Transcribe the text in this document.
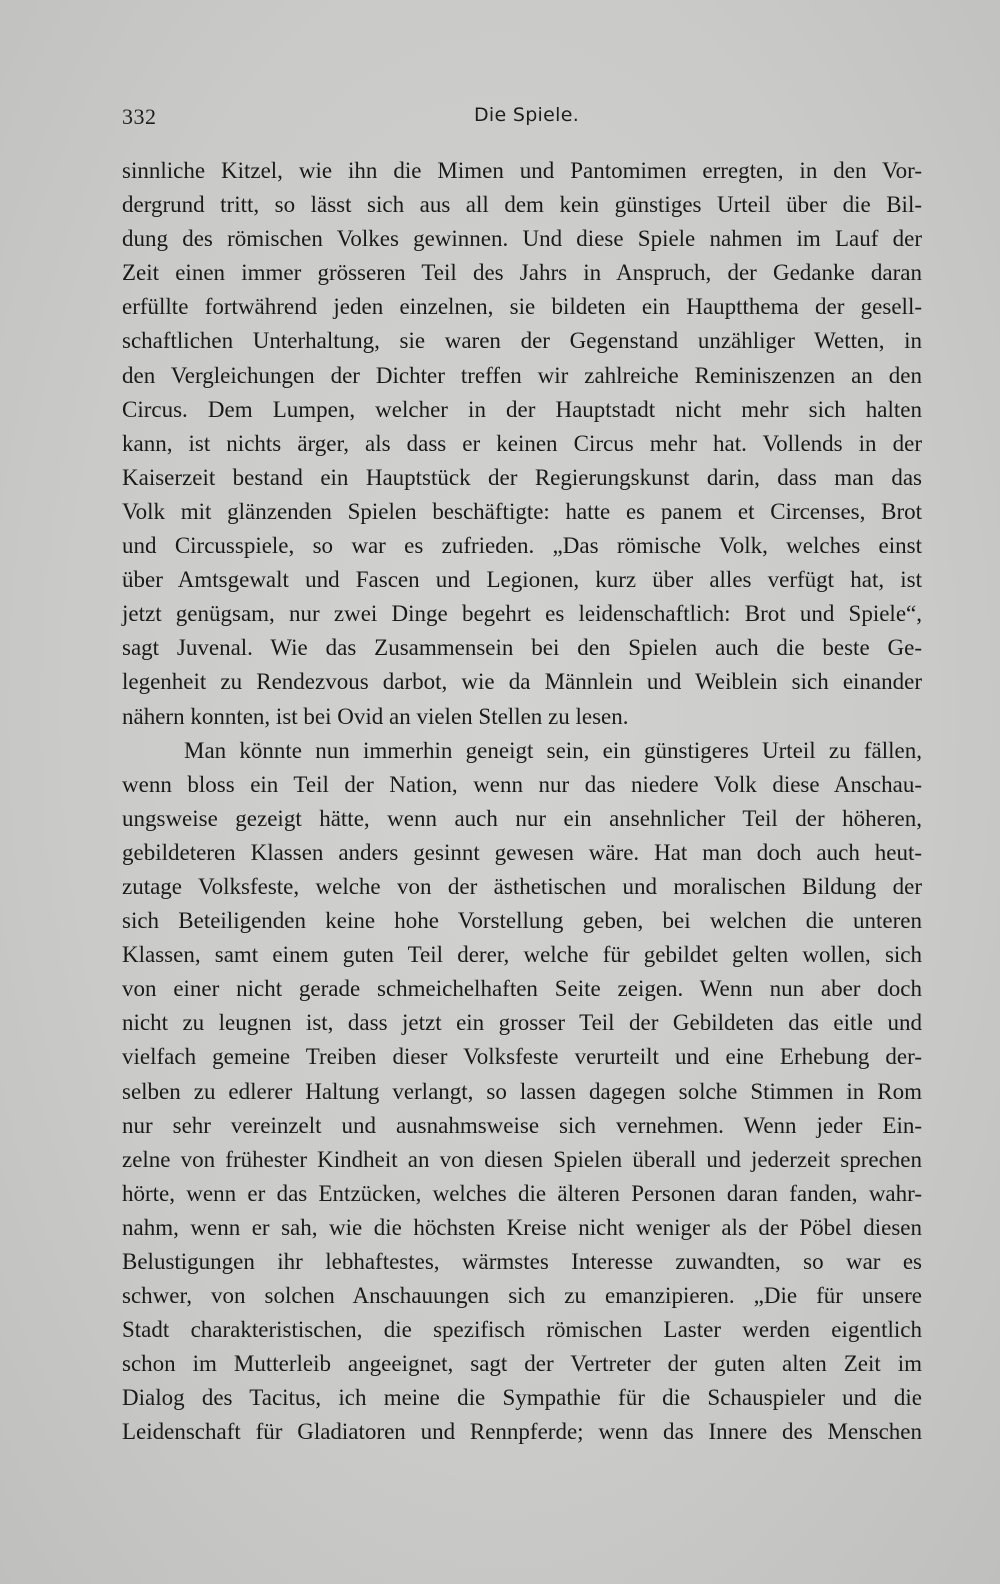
332	Die Spiele.
sinnliche Kitzel, wie ihn die Mimen und Pantomimen erregten, in den Vor-
dergrund tritt, so lässt sich aus all dem kein günstiges Urteil über die Bil-
dung des römischen Volkes gewinnen. Und diese Spiele nahmen im Lauf der
Zeit einen immer grösseren Teil des Jahrs in Anspruch, der Gedanke daran
erfüllte fortwährend jeden einzelnen, sie bildeten ein Hauptthema der gesell-
schaftlichen Unterhaltung, sie waren der Gegenstand unzähliger Wetten, in
den Vergleichungen der Dichter treffen wir zahlreiche Reminiszenzen an den
Circus. Dem Lumpen, welcher in der Hauptstadt nicht mehr sich halten
kann, ist nichts ärger, als dass er keinen Circus mehr hat. Vollends in der
Kaiserzeit bestand ein Hauptstück der Regierungskunst darin, dass man das
Volk mit glänzenden Spielen beschäftigte: hatte es panem et Circenses, Brot
und Circusspiele, so war es zufrieden. „Das römische Volk, welches einst
über Amtsgewalt und Fascen und Legionen, kurz über alles verfügt hat, ist
jetzt genügsam, nur zwei Dinge begehrt es leidenschaftlich: Brot und Spiele“,
sagt Juvenal. Wie das Zusammensein bei den Spielen auch die beste Ge-
legenheit zu Rendezvous darbot, wie da Männlein und Weiblein sich einander
nähern konnten, ist bei Ovid an vielen Stellen zu lesen.
Man könnte nun immerhin geneigt sein, ein günstigeres Urteil zu fällen,
wenn bloss ein Teil der Nation, wenn nur das niedere Volk diese Anschau-
ungsweise gezeigt hätte, wenn auch nur ein ansehnlicher Teil der höheren,
gebildeteren Klassen anders gesinnt gewesen wäre. Hat man doch auch heut-
zutage Volksfeste, welche von der ästhetischen und moralischen Bildung der
sich Beteiligenden keine hohe Vorstellung geben, bei welchen die unteren
Klassen, samt einem guten Teil derer, welche für gebildet gelten wollen, sich
von einer nicht gerade schmeichelhaften Seite zeigen. Wenn nun aber doch
nicht zu leugnen ist, dass jetzt ein grosser Teil der Gebildeten das eitle und
vielfach gemeine Treiben dieser Volksfeste verurteilt und eine Erhebung der-
selben zu edlerer Haltung verlangt, so lassen dagegen solche Stimmen in Rom
nur sehr vereinzelt und ausnahmsweise sich vernehmen. Wenn jeder Ein-
zelne von frühester Kindheit an von diesen Spielen überall und jederzeit sprechen
hörte, wenn er das Entzücken, welches die älteren Personen daran fanden, wahr-
nahm, wenn er sah, wie die höchsten Kreise nicht weniger als der Pöbel diesen
Belustigungen ihr lebhaftestes, wärmstes Interesse zuwandten, so war es
schwer, von solchen Anschauungen sich zu emanzipieren. „Die für unsere
Stadt charakteristischen, die spezifisch römischen Laster werden eigentlich
schon im Mutterleib angeeignet, sagt der Vertreter der guten alten Zeit im
Dialog des Tacitus, ich meine die Sympathie für die Schauspieler und die
Leidenschaft für Gladiatoren und Rennpferde; wenn das Innere des Menschen
